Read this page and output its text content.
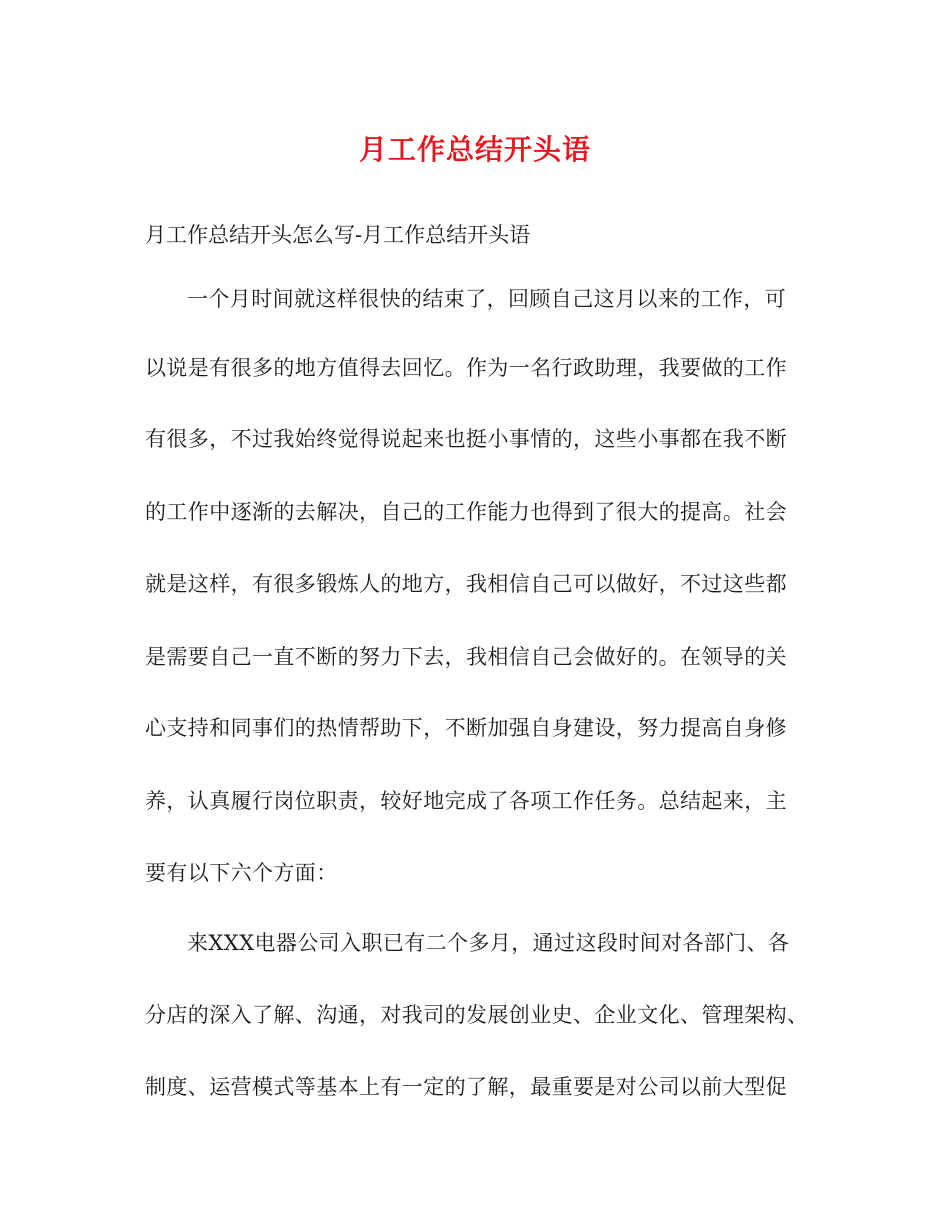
月工作总结开头语
月工作总结开头怎么写-月工作总结开头语
一个月时间就这样很快的结束了，回顾自己这月以来的工作，可
以说是有很多的地方值得去回忆。作为一名行政助理，我要做的工作
有很多，不过我始终觉得说起来也挺小事情的，这些小事都在我不断
的工作中逐渐的去解决，自己的工作能力也得到了很大的提高。社会
就是这样，有很多锻炼人的地方，我相信自己可以做好，不过这些都
是需要自己一直不断的努力下去，我相信自己会做好的。在领导的关
心支持和同事们的热情帮助下，不断加强自身建设，努力提高自身修
养，认真履行岗位职责，较好地完成了各项工作任务。总结起来，主
要有以下六个方面：
来XXX电器公司入职已有二个多月，通过这段时间对各部门、各
分店的深入了解、沟通，对我司的发展创业史、企业文化、管理架构、
制度、运营模式等基本上有一定的了解，最重要是对公司以前大型促
